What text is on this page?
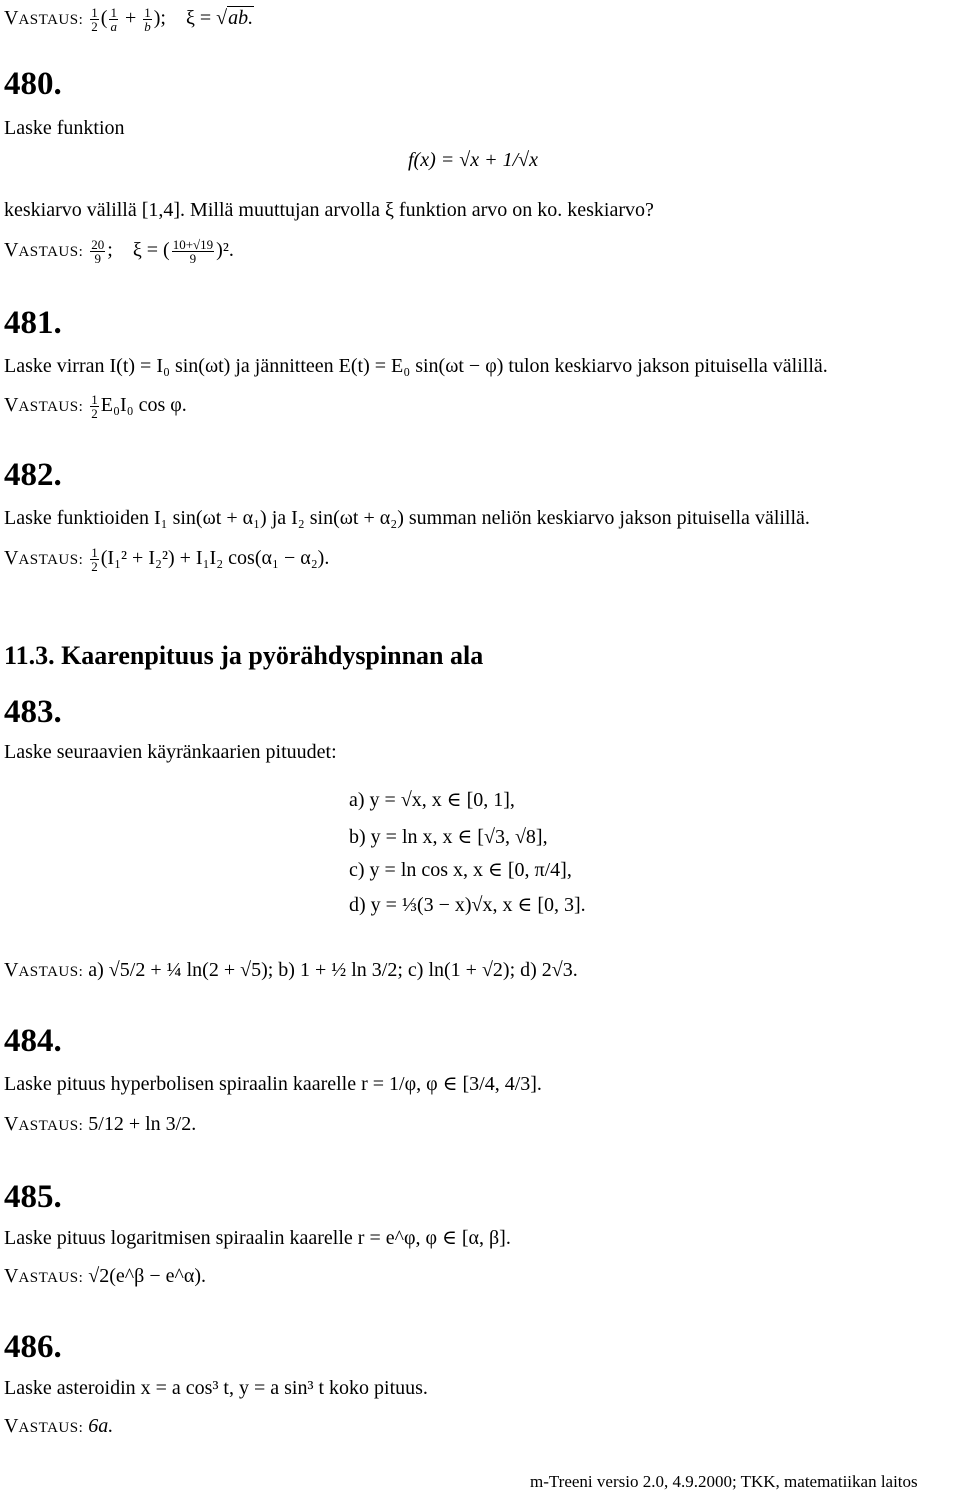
VASTAUS: $\frac{1}{2}$ ( $\frac{1}{a} + \frac{1}{b}$ );    ξ = √ab.
480.
Laske funktion
f(x) = √x + 1/√x
keskiarvo välillä [1,4]. Millä muuttujan arvolla ξ funktion arvo on ko. keskiarvo?
VASTAUS: $\frac{20}{9}$ ;    ξ = ( $\frac{10+√19}{9} )^2$.
481.
Laske virran I(t) = I₀ sin(ωt) ja jännitteen E(t) = E₀ sin(ωt − φ) tulon keskiarvo jakson pituisella välillä.
VASTAUS: $\frac{1}{2} E_0I_0$ cos φ.
482.
Laske funktioiden I₁ sin(ωt + α₁) ja I₂ sin(ωt + α₂) summan neliön keskiarvo jakson pituisella välillä.
VASTAUS: $\frac{1}{2} (I_1^2 + I_2^2) + I_1I_2$ cos(α₁ − α₂).
11.3. Kaarenpituus ja pyörähdyspinnan ala
483.
Laske seuraavien käyränkaarien pituudet:
a) y = √x, x ∈ [0, 1],
b) y = ln x, x ∈ [√3, √8],
c) y = ln cos x, x ∈ [0, π/4],
d) y = ⅓(3 − x)√x, x ∈ [0, 3].
VASTAUS: a) √5/2 + ¼ ln(2 + √5); b) 1 + ½ ln 3/2; c) ln(1 + √2); d) 2√3.
484.
Laske pituus hyperbolisen spiraalin kaarelle r = 1/φ, φ ∈ [3/4, 4/3].
VASTAUS: 5/12 + ln 3/2.
485.
Laske pituus logaritmisen spiraalin kaarelle r = e^φ, φ ∈ [α, β].
VASTAUS: √2(e^β − e^α).
486.
Laske asteroidin x = a cos³ t, y = a sin³ t koko pituus.
VASTAUS: 6a.
m-Treeni versio 2.0, 4.9.2000; TKK, matematiikan laitos
